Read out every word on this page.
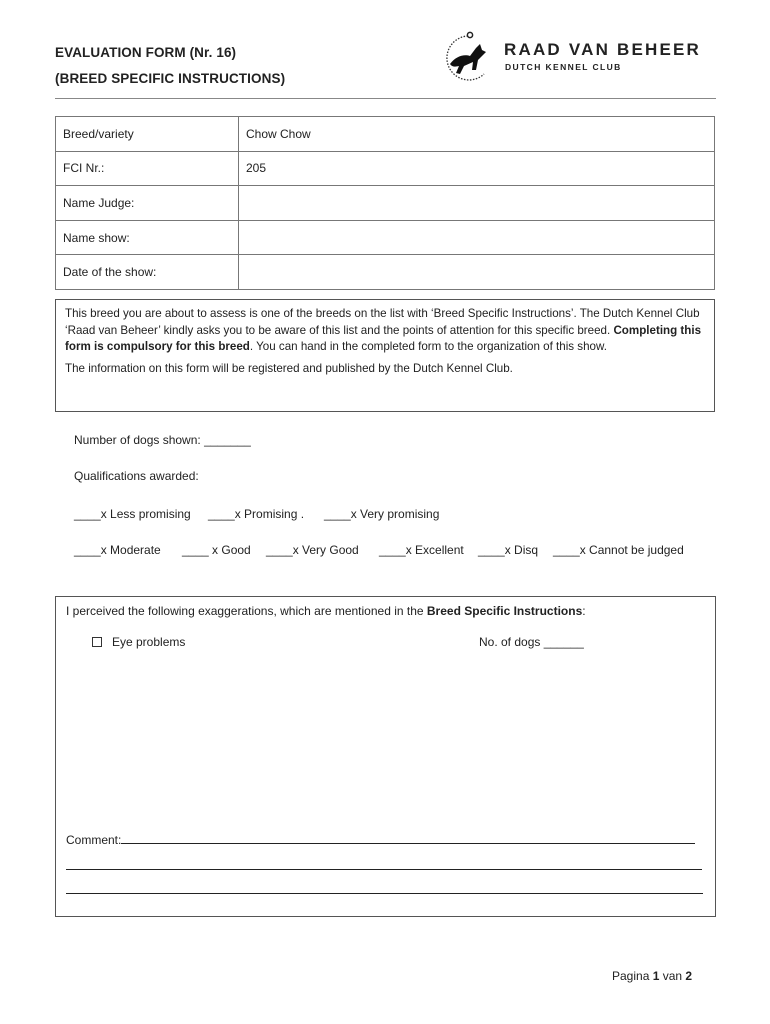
EVALUATION FORM (Nr. 16)
(BREED SPECIFIC INSTRUCTIONS)
RAAD VAN BEHEER
DUTCH KENNEL CLUB
Breed/variety	Chow Chow
FCI Nr.:	205
Name Judge:	
Name show:	
Date of the show:	

This breed you are about to assess is one of the breeds on the list with ‘Breed Specific Instructions’. The Dutch Kennel Club ‘Raad van Beheer’ kindly asks you to be aware of this list and the points of attention for this specific breed. Completing this form is compulsory for this breed. You can hand in the completed form to the organization of this show.

The information on this form will be registered and published by the Dutch Kennel Club.

Number of dogs shown: _______
Qualifications awarded:
____x Less promising ____x Promising . ____x Very promising
____x Moderate ____ x Good ____x Very Good ____x Excellent ____x Disq ____x Cannot be judged
I perceived the following exaggerations, which are mentioned in the Breed Specific Instructions:
Eye problems	No. of dogs ______
Comment:
Pagina 1 van 2
